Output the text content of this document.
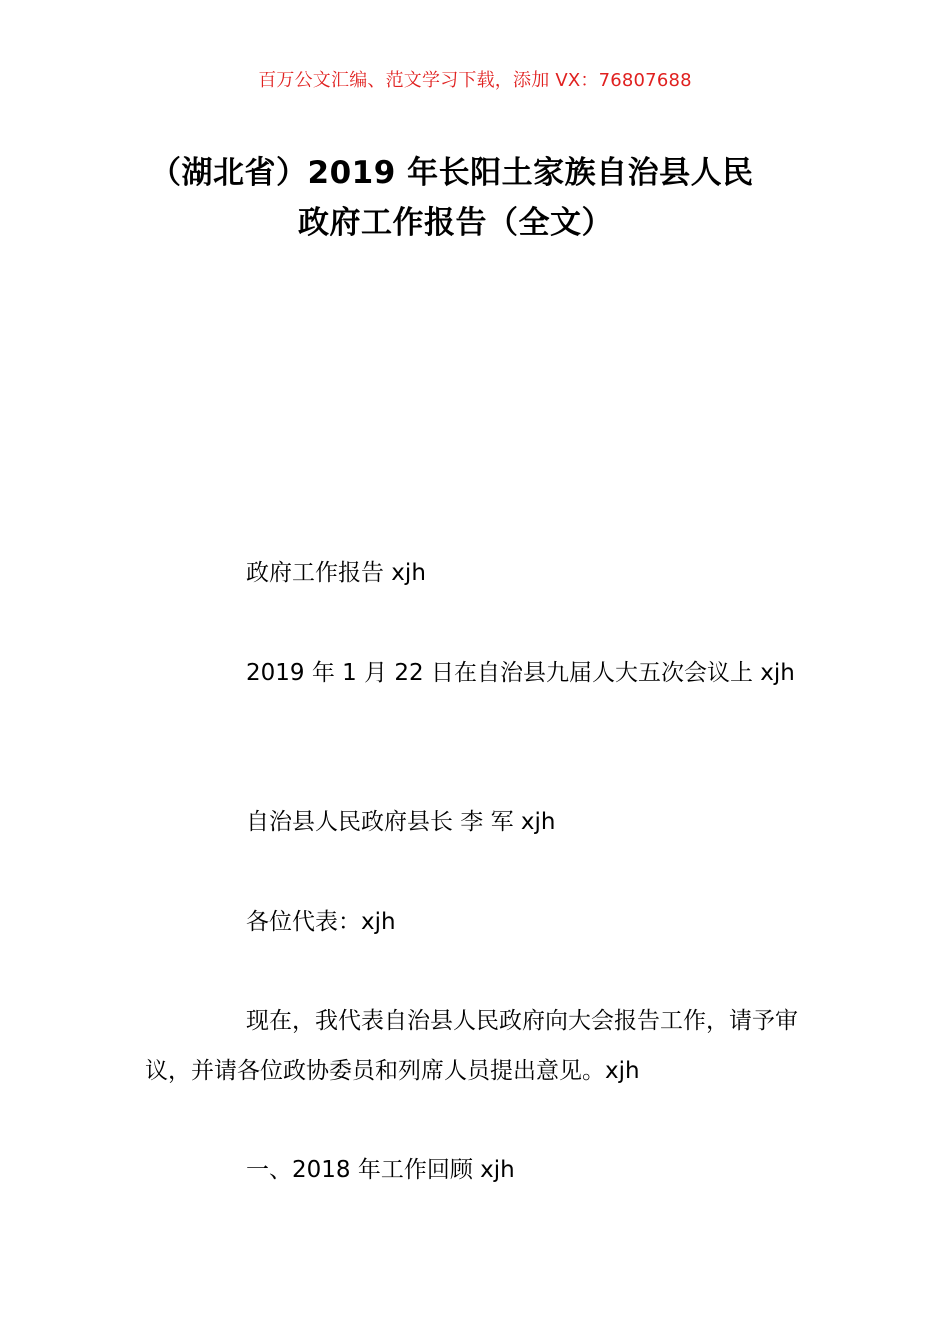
百万公文汇编、范文学习下载，添加 VX：76807688
（湖北省）2019 年长阳土家族自治县人民
政府工作报告（全文）

政府工作报告 xjh

2019 年 1 月 22 日在自治县九届人大五次会议上 xjh

自治县人民政府县长 李 军 xjh

各位代表：xjh

现在，我代表自治县人民政府向大会报告工作，请予审议，并请各位政协委员和列席人员提出意见。xjh

一、2018 年工作回顾 xjh
